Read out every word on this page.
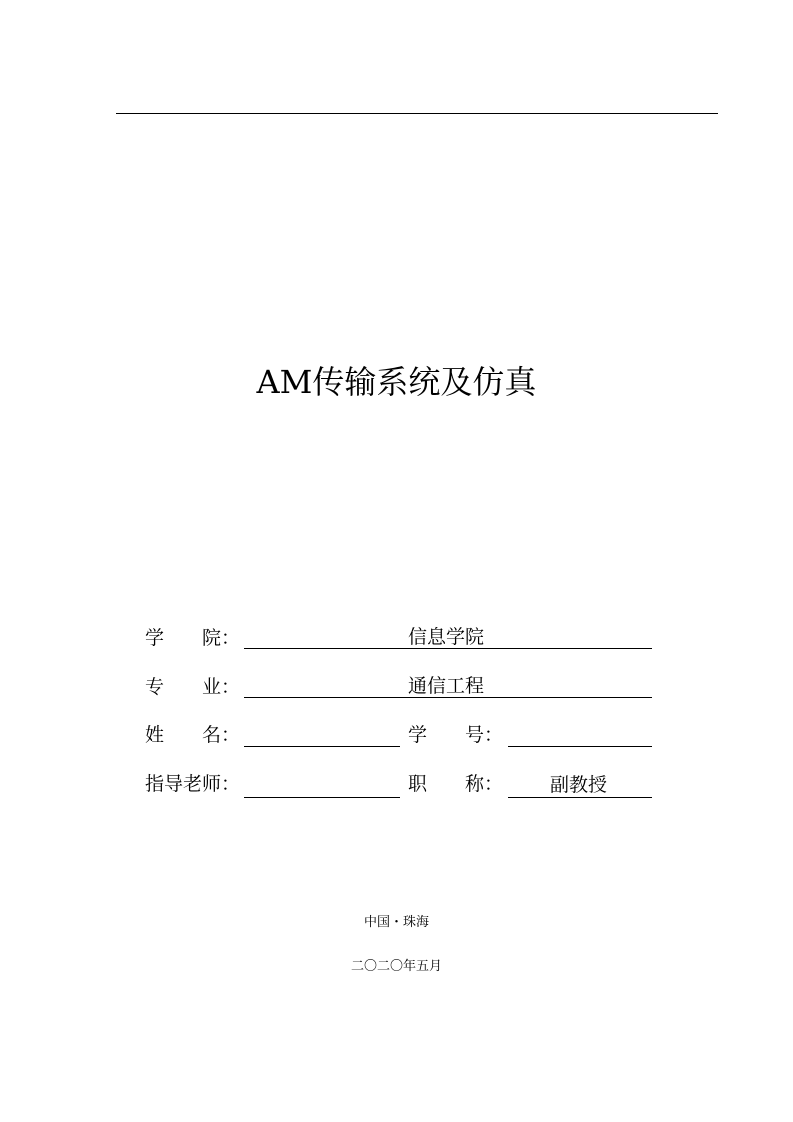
AM传输系统及仿真
学　　院：	信息学院
专　　业：	通信工程
姓　　名：	学　　号：
指导老师：	职　　称： 副教授
中国・珠海
二〇二〇年五月
